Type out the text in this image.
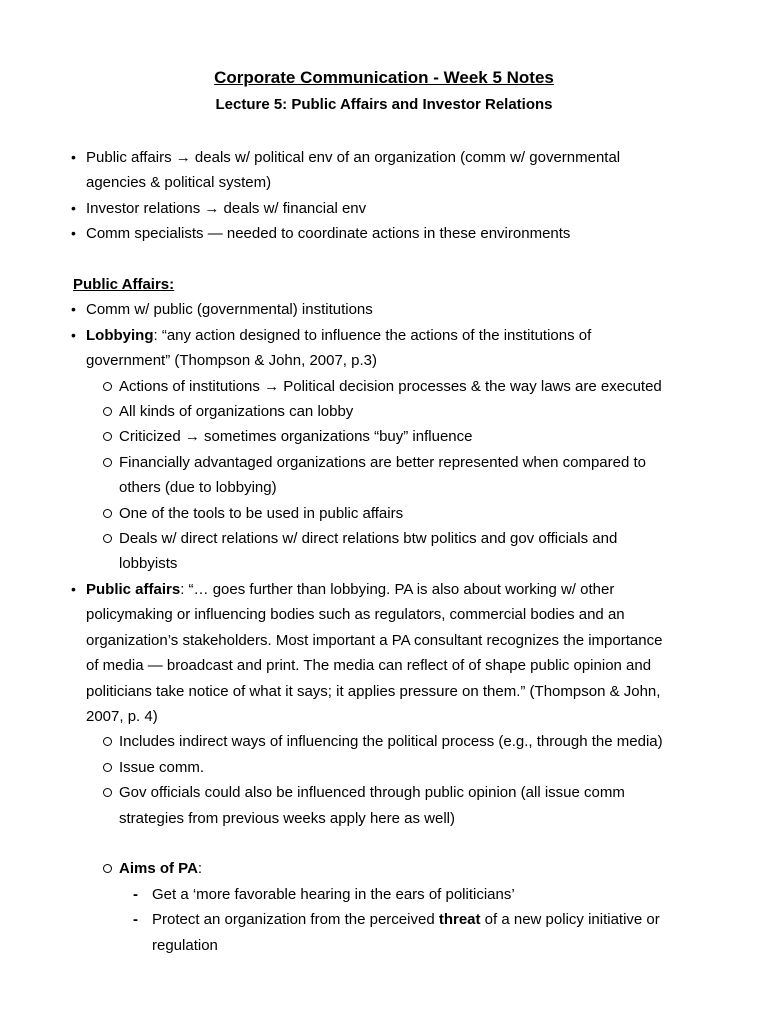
Corporate Communication - Week 5 Notes
Lecture 5: Public Affairs and Investor Relations
• Public affairs → deals w/ political env of an organization (comm w/ governmental
agencies & political system)
• Investor relations → deals w/ financial env
• Comm specialists — needed to coordinate actions in these environments
Public Affairs:
• Comm w/ public (governmental) institutions
• Lobbying: “any action designed to influence the actions of the institutions of
government” (Thompson & John, 2007, p.3)
Actions of institutions → Political decision processes & the way laws are executed
All kinds of organizations can lobby
Criticized → sometimes organizations “buy” influence
Financially advantaged organizations are better represented when compared to
others (due to lobbying)
One of the tools to be used in public affairs
Deals w/ direct relations w/ direct relations btw politics and gov officials and
lobbyists
• Public affairs: “… goes further than lobbying. PA is also about working w/ other
policymaking or influencing bodies such as regulators, commercial bodies and an
organization’s stakeholders. Most important a PA consultant recognizes the importance
of media — broadcast and print. The media can reflect of of shape public opinion and
politicians take notice of what it says; it applies pressure on them.” (Thompson & John,
2007, p. 4)
Includes indirect ways of influencing the political process (e.g., through the media)
Issue comm.
Gov officials could also be influenced through public opinion (all issue comm
strategies from previous weeks apply here as well)
Aims of PA:
- Get a ‘more favorable hearing in the ears of politicians’
- Protect an organization from the perceived threat of a new policy initiative or
regulation
